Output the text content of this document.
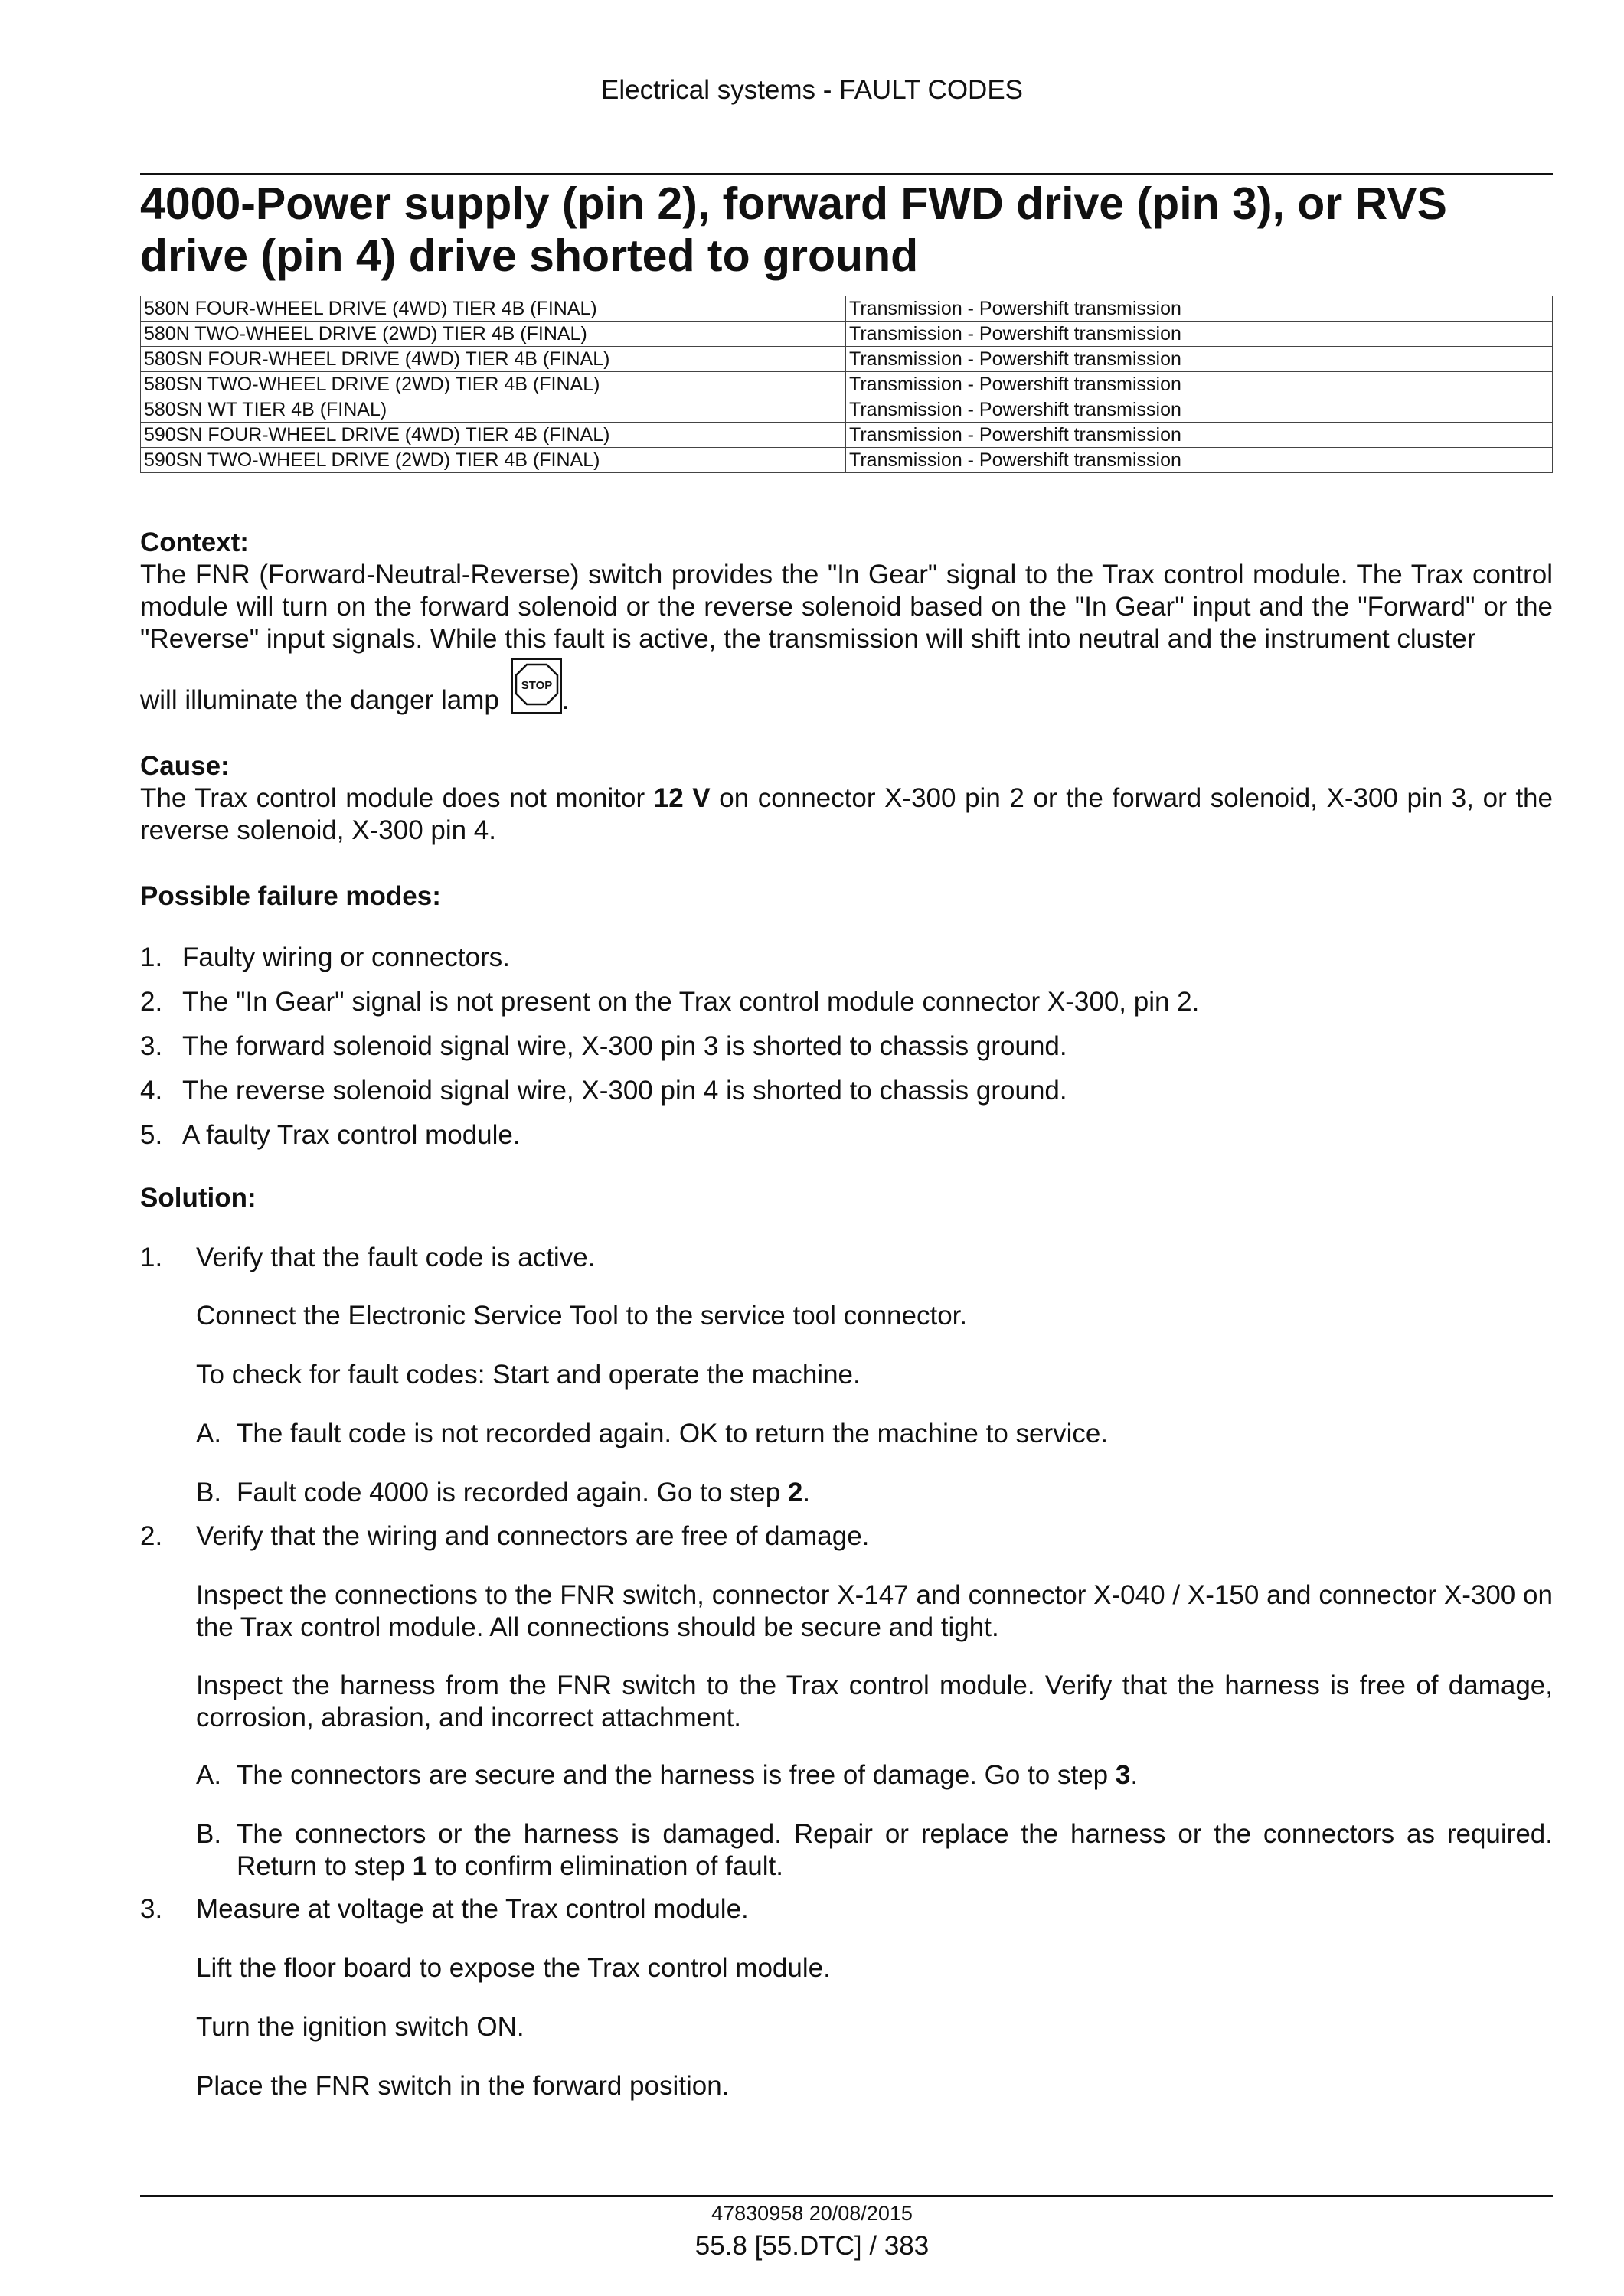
Electrical systems - FAULT CODES
4000-Power supply (pin 2), forward FWD drive (pin 3), or RVS drive (pin 4) drive shorted to ground
580N FOUR-WHEEL DRIVE (4WD) TIER 4B (FINAL)	Transmission - Powershift transmission
580N TWO-WHEEL DRIVE (2WD) TIER 4B (FINAL)	Transmission - Powershift transmission
580SN FOUR-WHEEL DRIVE (4WD) TIER 4B (FINAL)	Transmission - Powershift transmission
580SN TWO-WHEEL DRIVE (2WD) TIER 4B (FINAL)	Transmission - Powershift transmission
580SN WT TIER 4B (FINAL)	Transmission - Powershift transmission
590SN FOUR-WHEEL DRIVE (4WD) TIER 4B (FINAL)	Transmission - Powershift transmission
590SN TWO-WHEEL DRIVE (2WD) TIER 4B (FINAL)	Transmission - Powershift transmission
Context:
The FNR (Forward-Neutral-Reverse) switch provides the "In Gear" signal to the Trax control module. The Trax control module will turn on the forward solenoid or the reverse solenoid based on the "In Gear" input and the "Forward" or the "Reverse" input signals. While this fault is active, the transmission will shift into neutral and the instrument cluster
will illuminate the danger lamp STOP .
Cause:
The Trax control module does not monitor 12 V on connector X-300 pin 2 or the forward solenoid, X-300 pin 3, or the reverse solenoid, X-300 pin 4.
Possible failure modes:
1. Faulty wiring or connectors.
2. The "In Gear" signal is not present on the Trax control module connector X-300, pin 2.
3. The forward solenoid signal wire, X-300 pin 3 is shorted to chassis ground.
4. The reverse solenoid signal wire, X-300 pin 4 is shorted to chassis ground.
5. A faulty Trax control module.
Solution:
1. Verify that the fault code is active.
Connect the Electronic Service Tool to the service tool connector.
To check for fault codes: Start and operate the machine.
A. The fault code is not recorded again. OK to return the machine to service.
B. Fault code 4000 is recorded again. Go to step 2.
2. Verify that the wiring and connectors are free of damage.
Inspect the connections to the FNR switch, connector X-147 and connector X-040 / X-150 and connector X-300 on the Trax control module. All connections should be secure and tight.
Inspect the harness from the FNR switch to the Trax control module. Verify that the harness is free of damage, corrosion, abrasion, and incorrect attachment.
A. The connectors are secure and the harness is free of damage. Go to step 3.
B. The connectors or the harness is damaged. Repair or replace the harness or the connectors as required. Return to step 1 to confirm elimination of fault.
3. Measure at voltage at the Trax control module.
Lift the floor board to expose the Trax control module.
Turn the ignition switch ON.
Place the FNR switch in the forward position.
47830958 20/08/2015
55.8 [55.DTC] / 383
